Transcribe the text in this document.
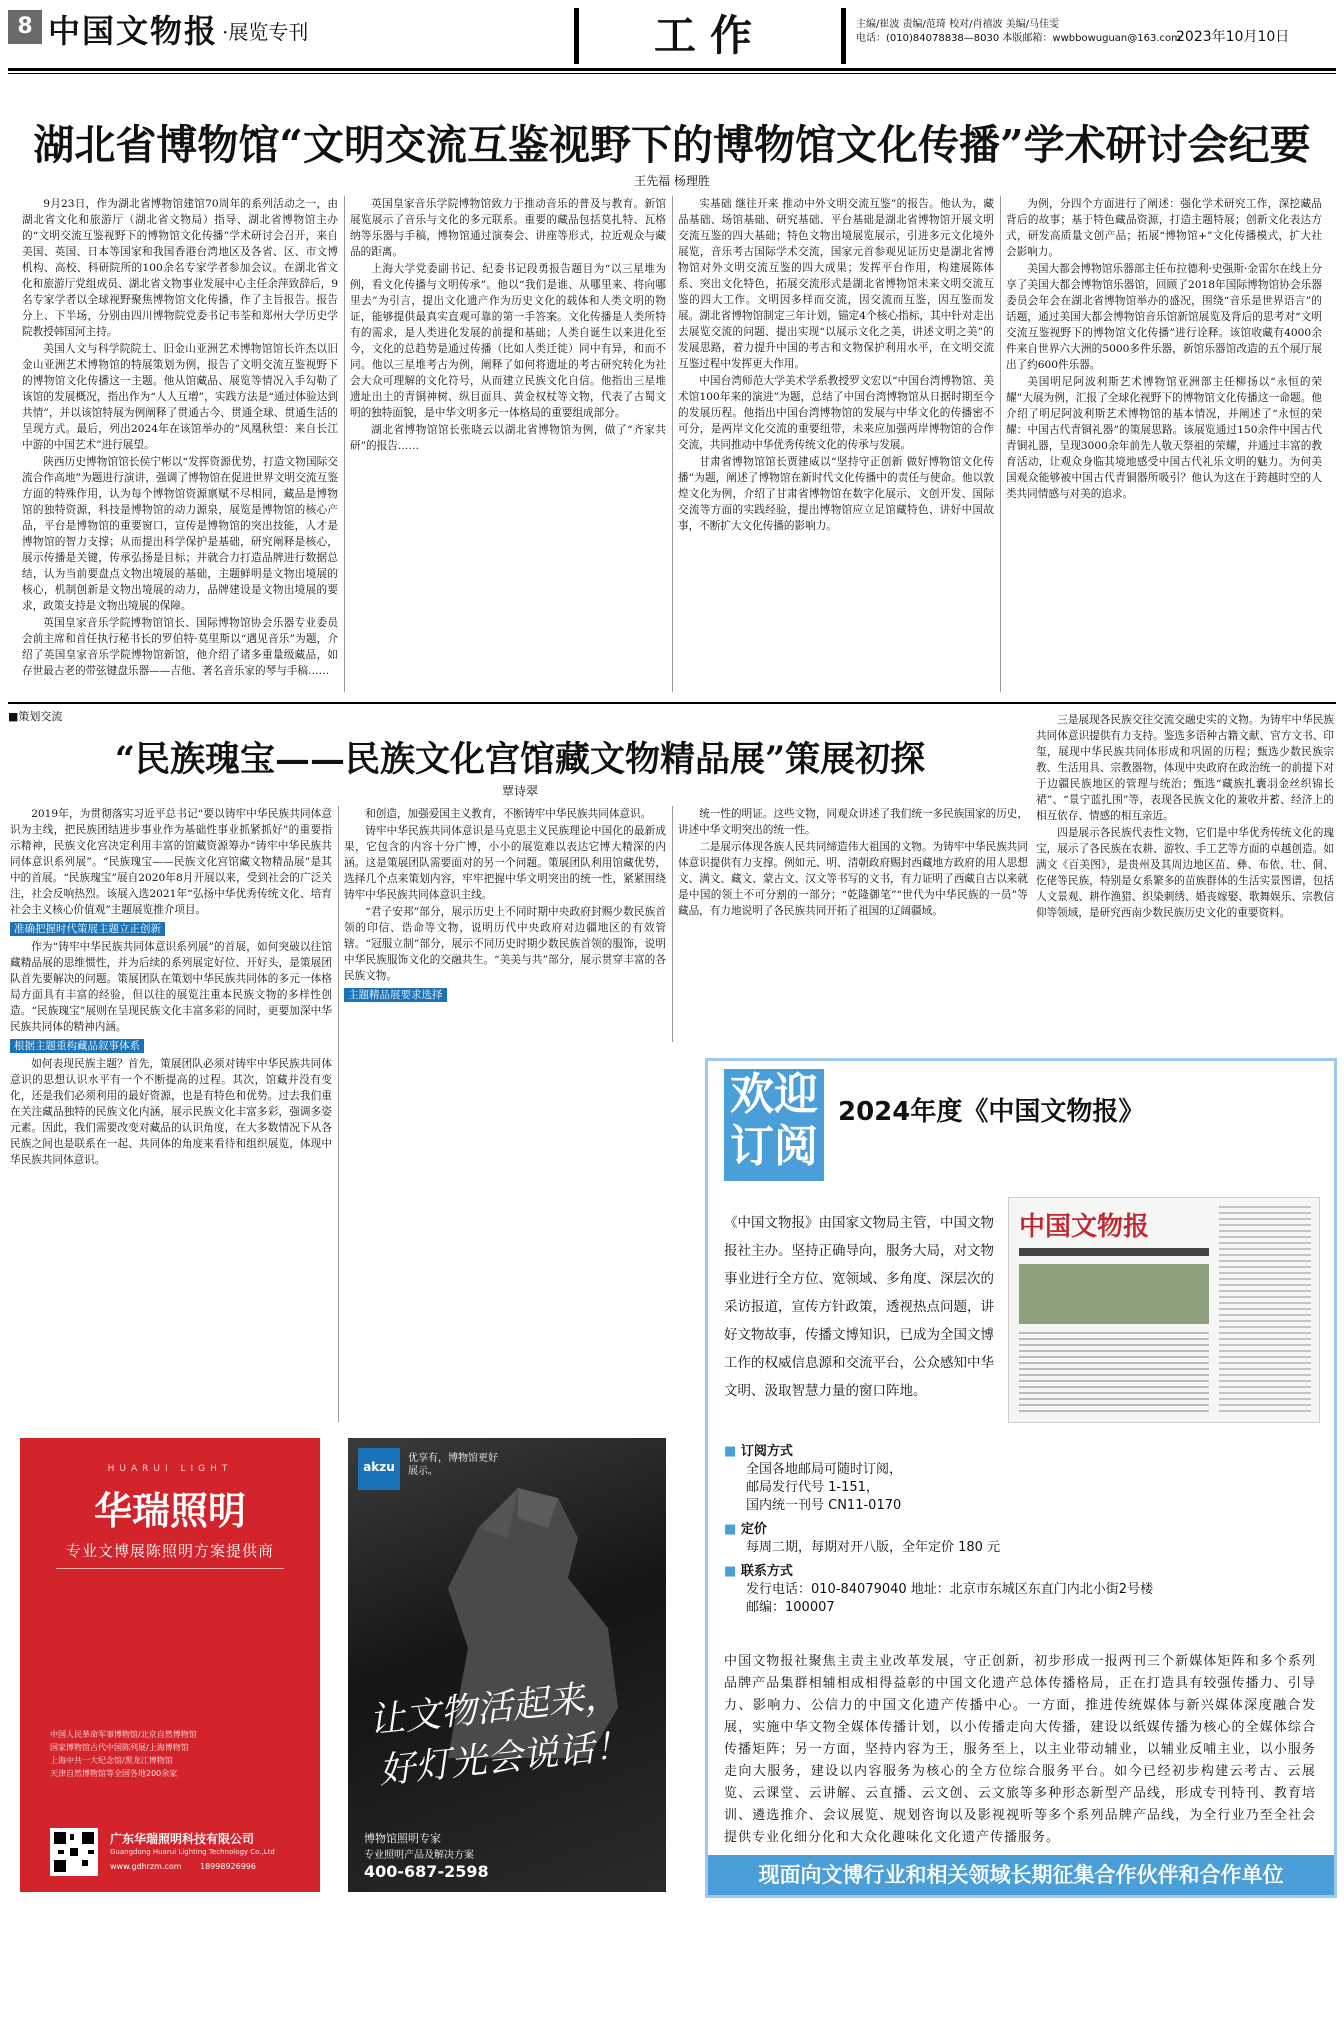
8 中国文物报 ·展览专刊	工作	主编/崔波 责编/范琦 校对/肖禧波 美编/马佳雯
电话：(010)84078838—8030 本版邮箱：wwbbowuguan@163.com
2023年10月10日
湖北省博物馆“文明交流互鉴视野下的博物馆文化传播”学术研讨会纪要
王先福 杨理胜

9月23日，作为湖北省博物馆建馆70周年的系列活动之一，由湖北省文化和旅游厅（湖北省文物局）指导、湖北省博物馆主办的“文明交流互鉴视野下的博物馆文化传播”学术研讨会召开，来自美国、英国、日本等国家和我国香港台湾地区及各省、区、市文博机构、高校、科研院所的100余名专家学者参加会议。在湖北省文化和旅游厅党组成员、湖北省文物事业发展中心主任余萍致辞后，9名专家学者以全球视野聚焦博物馆文化传播，作了主旨报告。报告分上、下半场，分别由四川博物院党委书记韦荃和郑州大学历史学院教授韩国河主持。

美国人文与科学院院士、旧金山亚洲艺术博物馆馆长许杰以旧金山亚洲艺术博物馆的特展策划为例，报告了文明交流互鉴视野下的博物馆文化传播这一主题。他从馆藏品、展览等情况入手勾勒了该馆的发展概况，指出作为“人人互增”，实践方法是“通过体验达到共情”，并以该馆特展为例阐释了贯通古今、贯通全球、贯通生活的呈现方式。最后，列出2024年在该馆举办的“凤凰秋望：来自长江中游的中国艺术”进行展望。

陕西历史博物馆馆长侯宁彬以“发挥资源优势，打造文物国际交流合作高地”为题进行演讲，强调了博物馆在促进世界文明交流互鉴方面的特殊作用，认为每个博物馆资源禀赋不尽相同，藏品是博物馆的独特资源，科技是博物馆的动力源泉，展览是博物馆的核心产品，平台是博物馆的重要窗口，宣传是博物馆的突出技能，人才是博物馆的智力支撑；从而提出科学保护是基础，研究阐释是核心，展示传播是关键，传承弘扬是目标；并就合力打造品牌进行数据总结，认为当前要盘点文物出境展的基础，主题鲜明是文物出境展的核心，机制创新是文物出境展的动力，品牌建设是文物出境展的要求，政策支持是文物出境展的保障。

英国皇家音乐学院博物馆馆长、国际博物馆协会乐器专业委员会前主席和首任执行秘书长的罗伯特·莫里斯以“遇见音乐”为题，介绍了英国皇家音乐学院博物馆新馆，他介绍了诸多重量级藏品，如存世最古老的带弦键盘乐器——吉他、著名音乐家的琴与手稿……

英国皇家音乐学院博物馆致力于推动音乐的普及与教育。新馆展览展示了音乐与文化的多元联系。重要的藏品包括莫扎特、瓦格纳等乐器与手稿，博物馆通过演奏会、讲座等形式，拉近观众与藏品的距离。

上海大学党委副书记、纪委书记段勇报告题目为“以三星堆为例，看文化传播与文明传承”。他以“我们是谁、从哪里来、将向哪里去”为引言，提出文化遗产作为历史文化的载体和人类文明的物证，能够提供最真实直观可靠的第一手答案。文化传播是人类所特有的需求，是人类进化发展的前提和基础；人类自诞生以来进化至今，文化的总趋势是通过传播（比如人类迁徙）同中有异，和而不同。他以三星堆考古为例，阐释了如何将遗址的考古研究转化为社会大众可理解的文化符号，从而建立民族文化自信。他指出三星堆遗址出土的青铜神树、纵目面具、黄金权杖等文物，代表了古蜀文明的独特面貌，是中华文明多元一体格局的重要组成部分。

湖北省博物馆馆长张晓云以湖北省博物馆为例，做了“齐家共研”的报告……

实基础 继往开来 推动中外文明交流互鉴”的报告。他认为，藏品基础、场馆基础、研究基础、平台基础是湖北省博物馆开展文明交流互鉴的四大基础；特色文物出境展览展示，引进多元文化境外展览，音乐考古国际学术交流，国家元首参观见证历史是湖北省博物馆对外文明交流互鉴的四大成果；发挥平台作用，构建展陈体系、突出文化特色，拓展交流形式是湖北省博物馆未来文明交流互鉴的四大工作。文明因多样而交流，因交流而互鉴，因互鉴而发展。湖北省博物馆制定三年计划，锚定4个核心指标，其中针对走出去展览交流的问题、提出实现“以展示文化之美，讲述文明之美”的发展思路，着力提升中国的考古和文物保护利用水平，在文明交流互鉴过程中发挥更大作用。

中国台湾师范大学美术学系教授罗文宏以“中国台湾博物馆、美术馆100年来的演进”为题，总结了中国台湾博物馆从日据时期至今的发展历程。他指出中国台湾博物馆的发展与中华文化的传播密不可分，是两岸文化交流的重要纽带，未来应加强两岸博物馆的合作交流，共同推动中华优秀传统文化的传承与发展。

甘肃省博物馆馆长贾建威以“坚持守正创新 做好博物馆文化传播”为题，阐述了博物馆在新时代文化传播中的责任与使命。他以敦煌文化为例，介绍了甘肃省博物馆在数字化展示、文创开发、国际交流等方面的实践经验，提出博物馆应立足馆藏特色、讲好中国故事，不断扩大文化传播的影响力。

为例，分四个方面进行了阐述：强化学术研究工作，深挖藏品背后的故事；基于特色藏品资源，打造主题特展；创新文化表达方式，研发高质量文创产品；拓展“博物馆+”文化传播模式，扩大社会影响力。

美国大都会博物馆乐器部主任布拉德利·史强斯·金雷尔在线上分享了美国大都会博物馆乐器馆，回顾了2018年国际博物馆协会乐器委员会年会在湖北省博物馆举办的盛况，围绕“音乐是世界语言”的话题，通过美国大都会博物馆音乐馆新馆展览及背后的思考对“文明交流互鉴视野下的博物馆文化传播”进行诠释。该馆收藏有4000余件来自世界六大洲的5000多件乐器，新馆乐器馆改造的五个展厅展出了约600件乐器。

美国明尼阿波利斯艺术博物馆亚洲部主任柳扬以“永恒的荣耀”大展为例，汇报了全球化视野下的博物馆文化传播这一命题。他介绍了明尼阿波利斯艺术博物馆的基本情况，并阐述了“永恒的荣耀：中国古代青铜礼器”的策展思路。该展览通过150余件中国古代青铜礼器，呈现3000余年前先人敬天祭祖的荣耀，并通过丰富的教育活动，让观众身临其境地感受中国古代礼乐文明的魅力。为何美国观众能够被中国古代青铜器所吸引？他认为这在于跨越时空的人类共同情感与对美的追求。

■策划交流
“民族瑰宝——民族文化宫馆藏文物精品展”策展初探
覃诗翠

三是展现各民族交往交流交融史实的文物。为铸牢中华民族共同体意识提供有力支持。鉴选多语种古籍文献、官方文书、印玺，展现中华民族共同体形成和巩固的历程；甄选少数民族宗教、生活用具、宗教器物，体现中央政府在政治统一的前提下对于边疆民族地区的管理与统治；甄选“藏族扎囊羽金丝织锦长裙”、“景宁蓝扎围”等，表现各民族文化的兼收并蓄、经济上的相互依存、情感的相互亲近。

四是展示各民族代表性文物，它们是中华优秀传统文化的瑰宝，展示了各民族在农耕、游牧、手工艺等方面的卓越创造。如满文《百美图》，是贵州及其周边地区苗、彝、布依、壮、侗、仡佬等民族，特别是女系繁多的苗族群体的生活实景图谱，包括人文景观、耕作渔猎、织染刺绣、婚丧嫁娶、歌舞娱乐、宗教信仰等领域，是研究西南少数民族历史文化的重要资料。

2019年，为贯彻落实习近平总书记“要以铸牢中华民族共同体意识为主线，把民族团结进步事业作为基础性事业抓紧抓好”的重要指示精神，民族文化宫决定利用丰富的馆藏资源筹办“铸牢中华民族共同体意识系列展”。“民族瑰宝——民族文化宫馆藏文物精品展”是其中的首展。“民族瑰宝”展自2020年8月开展以来，受到社会的广泛关注，社会反响热烈。该展入选2021年“弘扬中华优秀传统文化、培育社会主义核心价值观”主题展览推介项目。

准确把握时代策展主题立正创新

作为“铸牢中华民族共同体意识系列展”的首展，如何突破以往馆藏精品展的思维惯性，并为后续的系列展定好位、开好头，是策展团队首先要解决的问题。策展团队在策划中华民族共同体的多元一体格局方面具有丰富的经验，但以往的展览注重本民族文物的多样性创造。“民族瑰宝”展则在呈现民族文化丰富多彩的同时，更要加深中华民族共同体的精神内涵。

根据主题重构藏品叙事体系

如何表现民族主题？首先，策展团队必须对铸牢中华民族共同体意识的思想认识水平有一个不断提高的过程。其次，馆藏并没有变化，还是我们必须利用的最好资源，也是有特色和优势。过去我们重在关注藏品独特的民族文化内涵，展示民族文化丰富多彩，强调多姿元素。因此，我们需要改变对藏品的认识角度，在大多数情况下从各民族之间也是联系在一起、共同体的角度来看待和组织展览，体现中华民族共同体意识。

和创造，加强爱国主义教育，不断铸牢中华民族共同体意识。

铸牢中华民族共同体意识是马克思主义民族理论中国化的最新成果，它包含的内容十分广博，小小的展览难以表达它博大精深的内涵。这是策展团队需要面对的另一个问题。策展团队利用馆藏优势，选择几个点来策划内容，牢牢把握中华文明突出的统一性，紧紧围绕铸牢中华民族共同体意识主线。

“君子安邦”部分，展示历史上不同时期中央政府封赐少数民族首领的印信、诰命等文物，说明历代中央政府对边疆地区的有效管辖。“冠服立制”部分，展示不同历史时期少数民族首领的服饰，说明中华民族服饰文化的交融共生。“美美与共”部分，展示贯穿丰富的各民族文物。

主题精品展要求选择

统一性的明证。这些文物，同观众讲述了我们统一多民族国家的历史，讲述中华文明突出的统一性。

二是展示体现各族人民共同缔造伟大祖国的文物。为铸牢中华民族共同体意识提供有力支撑。例如元、明、清朝政府赐封西藏地方政府的用人思想文、满文、藏文、蒙古文、汉文等书写的文书，有力证明了西藏自古以来就是中国的领土不可分割的一部分；“乾隆御笔”“世代为中华民族的一员”等藏品，有力地说明了各民族共同开拓了祖国的辽阔疆域。

HUARUI LIGHT
华瑞照明
专业文博展陈照明方案提供商
中国人民革命军事博物馆/北京自然博物馆
国家博物馆古代中国陈列展/上海博物馆
上海中共一大纪念馆/黑龙江博物馆
天津自然博物馆等全国各地200余家
广东华瑞照明科技有限公司
Guangdong Huarui Lighting Technology Co.,Ltd
www.gdhrzm.com	18998926996
akzu
优享有，博物馆更好展示。
让文物活起来，
好灯光会说话！
博物馆照明专家
专业照明产品及解决方案
400-687-2598
欢迎
订阅
2024年度《中国文物报》
《中国文物报》由国家文物局主管，中国文物报社主办。坚持正确导向，服务大局，对文物事业进行全方位、宽领域、多角度、深层次的采访报道，宣传方针政策，透视热点问题，讲好文物故事，传播文博知识，已成为全国文博工作的权威信息源和交流平台，公众感知中华文明、汲取智慧力量的窗口阵地。
中国文物报
■ 订阅方式
全国各地邮局可随时订阅，
邮局发行代号 1-151，
国内统一刊号 CN11-0170
■ 定价
每周二期，每期对开八版，全年定价 180 元
■ 联系方式
发行电话：010-84079040 地址：北京市东城区东直门内北小街2号楼
邮编：100007
中国文物报社聚焦主责主业改革发展，守正创新，初步形成一报两刊三个新媒体矩阵和多个系列品牌产品集群相辅相成相得益彰的中国文化遗产总体传播格局，正在打造具有较强传播力、引导力、影响力、公信力的中国文化遗产传播中心。一方面，推进传统媒体与新兴媒体深度融合发展，实施中华文物全媒体传播计划，以小传播走向大传播，建设以纸媒传播为核心的全媒体综合传播矩阵；另一方面，坚持内容为王，服务至上，以主业带动辅业，以辅业反哺主业，以小服务走向大服务，建设以内容服务为核心的全方位综合服务平台。如今已经初步构建云考古、云展览、云课堂、云讲解、云直播、云文创、云文旅等多种形态新型产品线，形成专刊特刊、教育培训、遴选推介、会议展览、规划咨询以及影视视听等多个系列品牌产品线，为全行业乃至全社会提供专业化细分化和大众化趣味化文化遗产传播服务。
现面向文博行业和相关领域长期征集合作伙伴和合作单位
